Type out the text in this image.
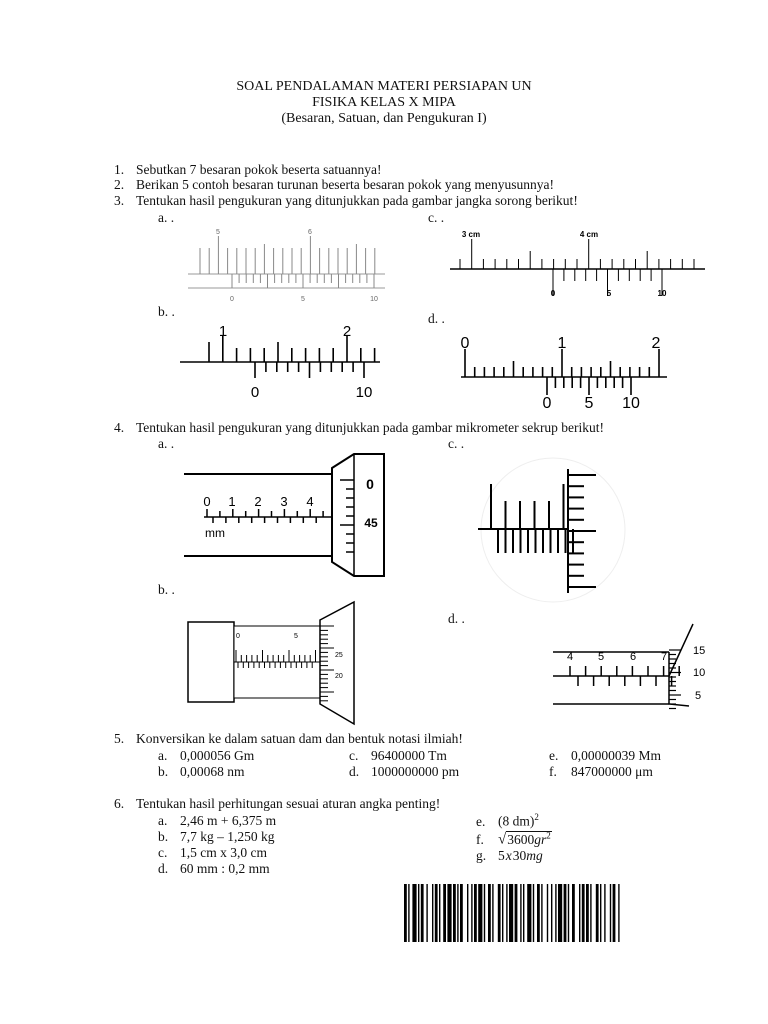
SOAL PENDALAMAN MATERI PERSIAPAN UN
FISIKA KELAS X MIPA
(Besaran, Satuan, dan Pengukuran I)
1. Sebutkan 7 besaran pokok beserta satuannya!
2. Berikan 5 contoh besaran turunan beserta besaran pokok yang menyusunnya!
3. Tentukan hasil pengukuran yang ditunjukkan pada gambar jangka sorong berikut!
a. .	c. .
b. .	d. .
5	6
0	5	10
3 cm	4 cm
0	5	10
1	2
0	10
0	1	2
0 5 10
4. Tentukan hasil pengukuran yang ditunjukkan pada gambar mikrometer sekrup berikut!
a. .	c. .
b. .
d. .
0 1 2 3 4
mm
0
45
0	5
25
20
4 5 6 7 15
10
5
5. Konversikan ke dalam satuan dam dan bentuk notasi ilmiah!
a. 0,000056 Gm
b. 0,00068 nm
c. 96400000 Tm
d. 1000000000 pm
e. 0,00000039 Mm
f. 847000000 μm
6. Tentukan hasil perhitungan sesuai aturan angka penting!
a. 2,46 m + 6,375 m
b. 7,7 kg – 1,250 kg
c. 1,5 cm x 3,0 cm
d. 60 mm : 0,2 mm
e. (8 dm)$^2$
f. $√3600gr^2$
g. 5x30mg
